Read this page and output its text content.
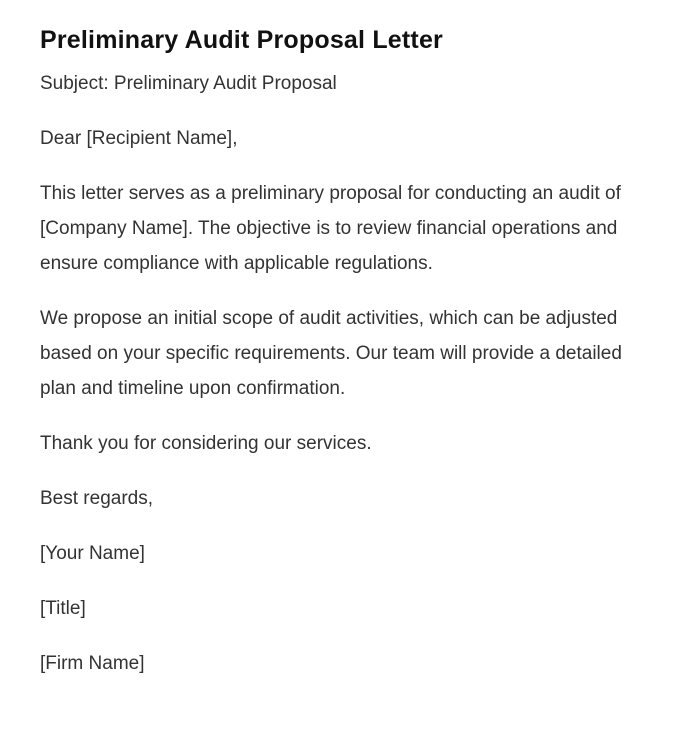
Preliminary Audit Proposal Letter

Subject: Preliminary Audit Proposal

Dear [Recipient Name],

This letter serves as a preliminary proposal for conducting an audit of [Company Name]. The objective is to review financial operations and ensure compliance with applicable regulations.

We propose an initial scope of audit activities, which can be adjusted based on your specific requirements. Our team will provide a detailed plan and timeline upon confirmation.

Thank you for considering our services.

Best regards,

[Your Name]

[Title]

[Firm Name]
